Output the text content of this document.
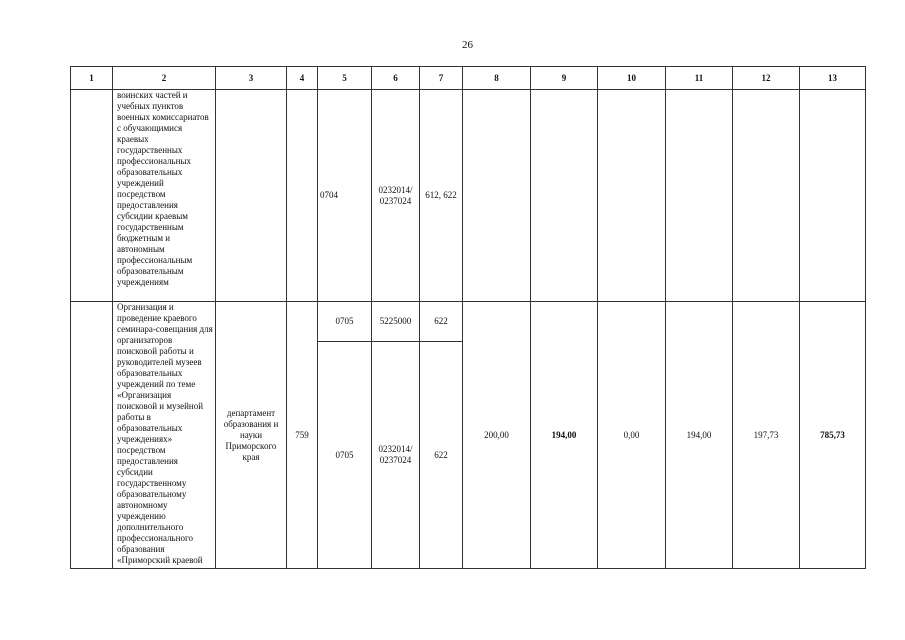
26
1	2	3	4	5	6	7	8	9	10	11	12	13
	воинских частей и учебных пунктов военных комиссариатов с обучающимися краевых государственных профессиональных образовательных учреждений посредством предоставления субсидии краевым государственным бюджетным и автономным профессиональным образовательным учреждениям			0704	0232014/ 0237024	612, 622						
	Организация и проведение краевого семинара-совещания для организаторов поисковой работы и руководителей музеев образовательных учреждений по теме «Организация поисковой и музейной работы в образовательных учреждениях» посредством предоставления субсидии государственному образовательному автономному учреждению дополнительного профессионального образования «Приморский краевой	департамент образования и науки Приморского края	759	0705	5225000	622	200,00	194,00	0,00	194,00	197,73	785,73
				0705	0232014/ 0237024	622						
